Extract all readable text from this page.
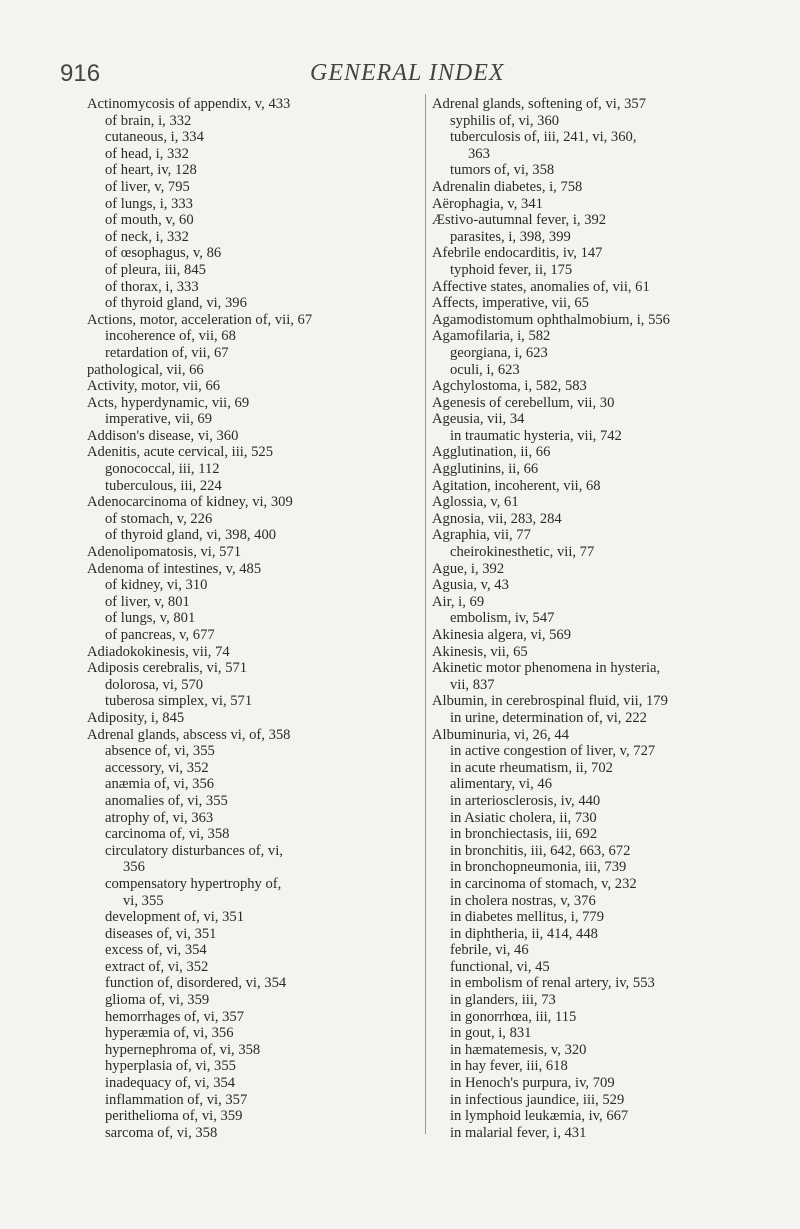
916	GENERAL INDEX
Actinomycosis of appendix, v, 433
of brain, i, 332
cutaneous, i, 334
of head, i, 332
of heart, iv, 128
of liver, v, 795
of lungs, i, 333
of mouth, v, 60
of neck, i, 332
of œsophagus, v, 86
of pleura, iii, 845
of thorax, i, 333
of thyroid gland, vi, 396
Actions, motor, acceleration of, vii, 67
incoherence of, vii, 68
retardation of, vii, 67
pathological, vii, 66
Activity, motor, vii, 66
Acts, hyperdynamic, vii, 69
imperative, vii, 69
Addison's disease, vi, 360
Adenitis, acute cervical, iii, 525
gonococcal, iii, 112
tuberculous, iii, 224
Adenocarcinoma of kidney, vi, 309
of stomach, v, 226
of thyroid gland, vi, 398, 400
Adenolipomatosis, vi, 571
Adenoma of intestines, v, 485
of kidney, vi, 310
of liver, v, 801
of lungs, v, 801
of pancreas, v, 677
Adiadokokinesis, vii, 74
Adiposis cerebralis, vi, 571
dolorosa, vi, 570
tuberosa simplex, vi, 571
Adiposity, i, 845
Adrenal glands, abscess vi, of, 358
absence of, vi, 355
accessory, vi, 352
anæmia of, vi, 356
anomalies of, vi, 355
atrophy of, vi, 363
carcinoma of, vi, 358
circulatory disturbances of, vi,
356
compensatory hypertrophy of,
vi, 355
development of, vi, 351
diseases of, vi, 351
excess of, vi, 354
extract of, vi, 352
function of, disordered, vi, 354
glioma of, vi, 359
hemorrhages of, vi, 357
hyperæmia of, vi, 356
hypernephroma of, vi, 358
hyperplasia of, vi, 355
inadequacy of, vi, 354
inflammation of, vi, 357
perithelioma of, vi, 359
sarcoma of, vi, 358
Adrenal glands, softening of, vi, 357
syphilis of, vi, 360
tuberculosis of, iii, 241, vi, 360,
363
tumors of, vi, 358
Adrenalin diabetes, i, 758
Aërophagia, v, 341
Æstivo-autumnal fever, i, 392
parasites, i, 398, 399
Afebrile endocarditis, iv, 147
typhoid fever, ii, 175
Affective states, anomalies of, vii, 61
Affects, imperative, vii, 65
Agamodistomum ophthalmobium, i, 556
Agamofilaria, i, 582
georgiana, i, 623
oculi, i, 623
Agchylostoma, i, 582, 583
Agenesis of cerebellum, vii, 30
Ageusia, vii, 34
in traumatic hysteria, vii, 742
Agglutination, ii, 66
Agglutinins, ii, 66
Agitation, incoherent, vii, 68
Aglossia, v, 61
Agnosia, vii, 283, 284
Agraphia, vii, 77
cheirokinesthetic, vii, 77
Ague, i, 392
Agusia, v, 43
Air, i, 69
embolism, iv, 547
Akinesia algera, vi, 569
Akinesis, vii, 65
Akinetic motor phenomena in hysteria,
vii, 837
Albumin, in cerebrospinal fluid, vii, 179
in urine, determination of, vi, 222
Albuminuria, vi, 26, 44
in active congestion of liver, v, 727
in acute rheumatism, ii, 702
alimentary, vi, 46
in arteriosclerosis, iv, 440
in Asiatic cholera, ii, 730
in bronchiectasis, iii, 692
in bronchitis, iii, 642, 663, 672
in bronchopneumonia, iii, 739
in carcinoma of stomach, v, 232
in cholera nostras, v, 376
in diabetes mellitus, i, 779
in diphtheria, ii, 414, 448
febrile, vi, 46
functional, vi, 45
in embolism of renal artery, iv, 553
in glanders, iii, 73
in gonorrhœa, iii, 115
in gout, i, 831
in hæmatemesis, v, 320
in hay fever, iii, 618
in Henoch's purpura, iv, 709
in infectious jaundice, iii, 529
in lymphoid leukæmia, iv, 667
in malarial fever, i, 431
